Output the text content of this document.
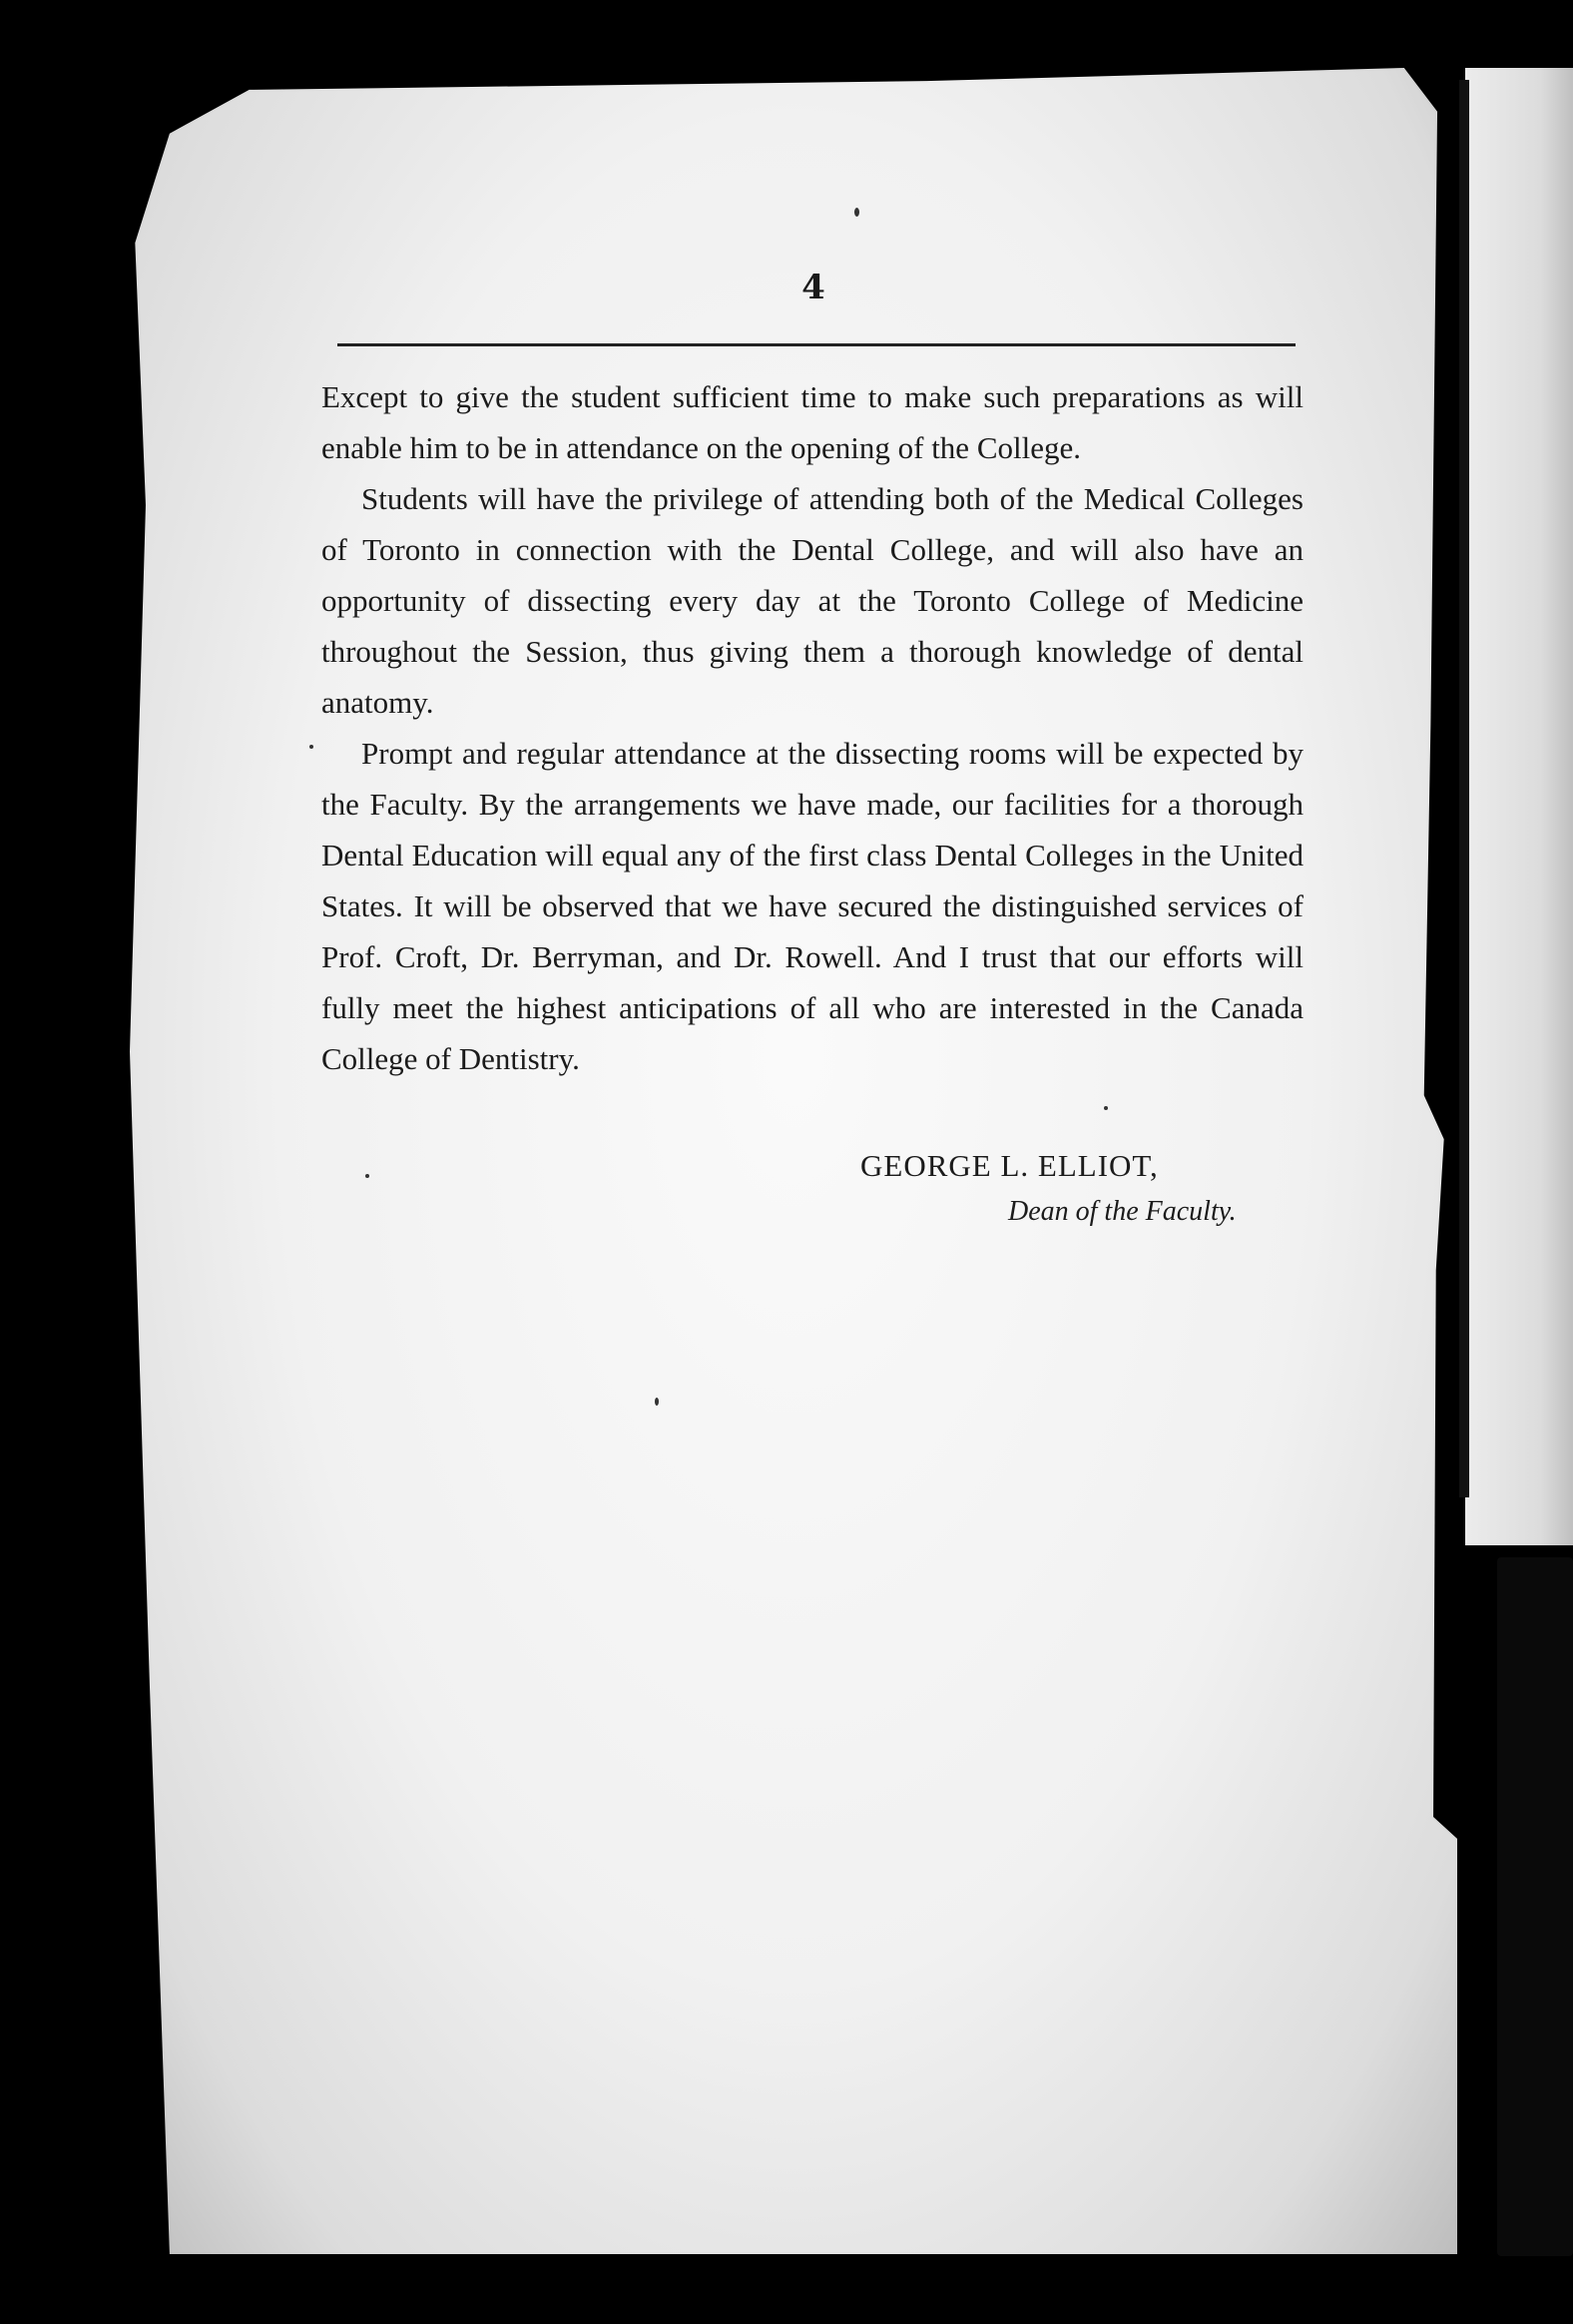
4

Except to give the student sufficient time to make such preparations as will enable him to be in attendance on the opening of the College.

Students will have the privilege of attending both of the Medical Colleges of Toronto in connection with the Dental College, and will also have an opportunity of dissecting every day at the Toronto College of Medicine throughout the Session, thus giving them a thorough knowledge of dental anatomy.

Prompt and regular attendance at the dissecting rooms will be expected by the Faculty. By the arrangements we have made, our facilities for a thorough Dental Education will equal any of the first class Dental Colleges in the United States. It will be observed that we have secured the distinguished services of Prof. Croft, Dr. Berryman, and Dr. Rowell. And I trust that our efforts will fully meet the highest anticipations of all who are interested in the Canada College of Dentistry.

GEORGE L. ELLIOT,
Dean of the Faculty.
